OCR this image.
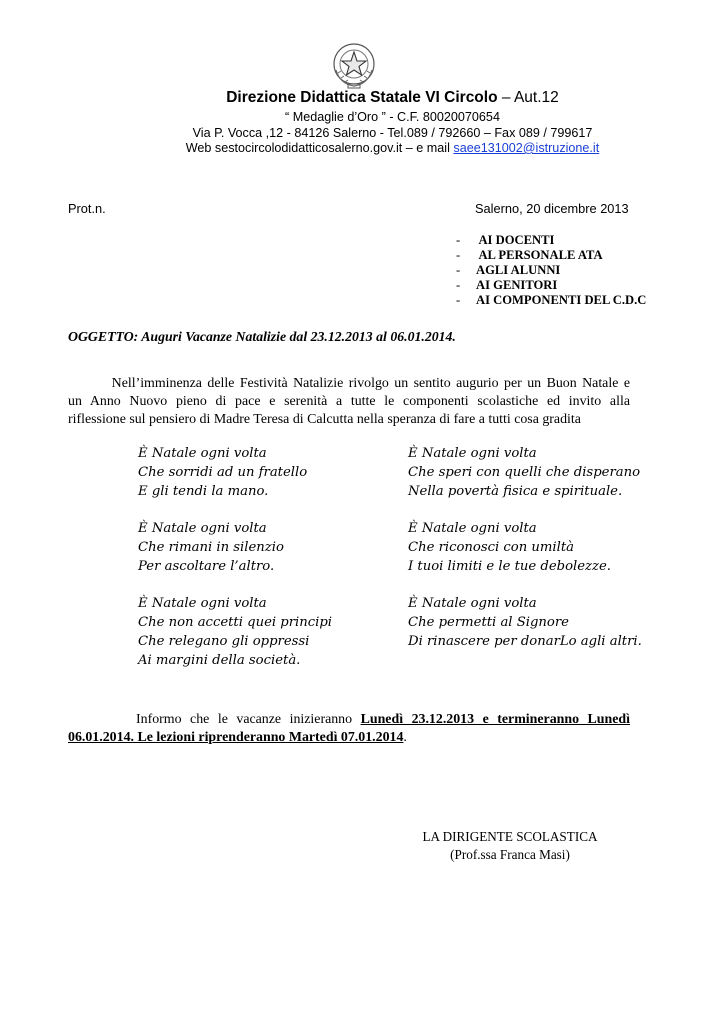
Direzione Didattica Statale VI Circolo – Aut.12
“ Medaglie d’Oro ” - C.F. 80020070654
Via P. Vocca ,12 - 84126 Salerno - Tel.089 / 792660 – Fax 089 / 799617
Web sestocircolodidatticosalerno.gov.it – e mail saee131002@istruzione.it
Prot.n.	Salerno, 20 dicembre 2013
- AI DOCENTI
- AL PERSONALE ATA
- AGLI ALUNNI
- AI GENITORI
- AI COMPONENTI DEL C.D.C
OGGETTO: Auguri Vacanze Natalizie dal 23.12.2013 al 06.01.2014.
Nell’imminenza delle Festività Natalizie rivolgo un sentito augurio per un Buon Natale e
un Anno Nuovo pieno di pace e serenità a tutte le componenti scolastiche ed invito alla
riflessione sul pensiero di Madre Teresa di Calcutta nella speranza di fare a tutti cosa gradita
È Natale ogni volta
Che sorridi ad un fratello
E gli tendi la mano.
È Natale ogni volta
Che rimani in silenzio
Per ascoltare l’altro.
È Natale ogni volta
Che non accetti quei principi
Che relegano gli oppressi
Ai margini della società.
È Natale ogni volta
Che speri con quelli che disperano
Nella povertà fisica e spirituale.
È Natale ogni volta
Che riconosci con umiltà
I tuoi limiti e le tue debolezze.
È Natale ogni volta
Che permetti al Signore
Di rinascere per donarLo agli altri.
Informo che le vacanze inizieranno Lunedì 23.12.2013 e termineranno Lunedì
06.01.2014. Le lezioni riprenderanno Martedì 07.01.2014.
LA DIRIGENTE SCOLASTICA
(Prof.ssa Franca Masi)
